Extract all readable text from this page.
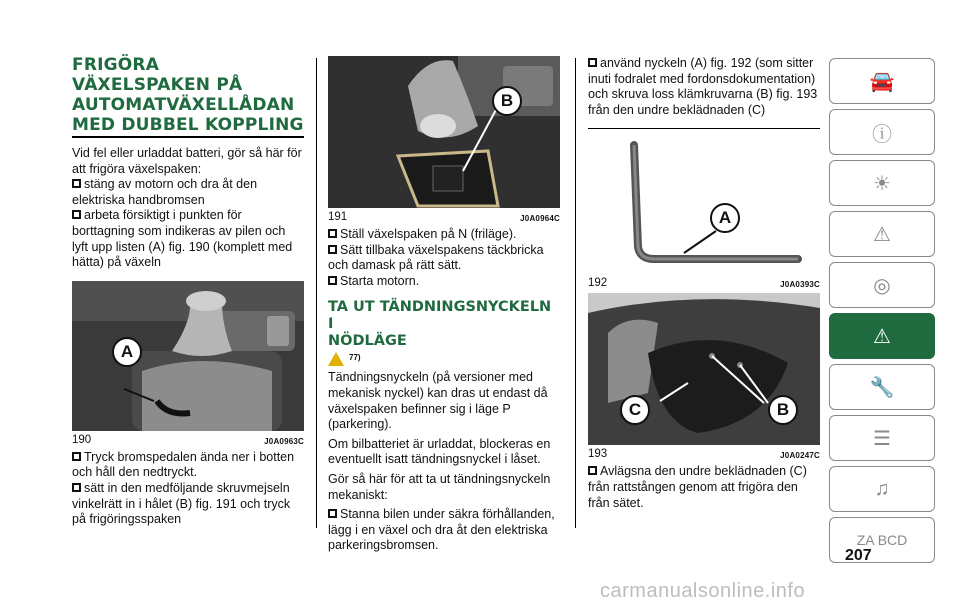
FRIGÖRA
VÄXELSPAKEN PÅ
AUTOMATVÄXELLÅDAN
MED DUBBEL KOPPLING

Vid fel eller urladdat batteri, gör så här för att frigöra växelspaken:

stäng av motorn och dra åt den elektriska handbromsen

arbeta försiktigt i punkten för borttagning som indikeras av pilen och lyft upp listen (A) fig. 190 (komplett med hätta) på växeln

A
190	J0A0963C

Tryck bromspedalen ända ner i botten och håll den nedtryckt.

sätt in den medföljande skruvmejseln vinkelrätt in i hålet (B) fig. 191 och tryck på frigöringsspaken

B
191	J0A0964C

Ställ växelspaken på N (friläge).

Sätt tillbaka växelspakens täckbricka och damask på rätt sätt.

Starta motorn.

TA UT TÄNDNINGSNYCKELN I
NÖDLÄGE
77)

Tändningsnyckeln (på versioner med mekanisk nyckel) kan dras ut endast då växelspaken befinner sig i läge P (parkering).

Om bilbatteriet är urladdat, blockeras en eventuellt isatt tändningsnyckel i låset.

Gör så här för att ta ut tändningsnyckeln mekaniskt:

Stanna bilen under säkra förhållanden, lägg i en växel och dra åt den elektriska parkeringsbromsen.

använd nyckeln (A) fig. 192 (som sitter inuti fodralet med fordonsdokumentation) och skruva loss klämkruvarna (B) fig. 193 från den undre beklädnaden (C)

A
192	J0A0393C
C	B
193	J0A0247C

Avlägsna den undre beklädnaden (C) från rattstången genom att frigöra den från sätet.

🚘
ⓘ
☀
⚠
◎
⚠
🔧
☰
♫
ZA BCD
207
carmanualsonline.info
